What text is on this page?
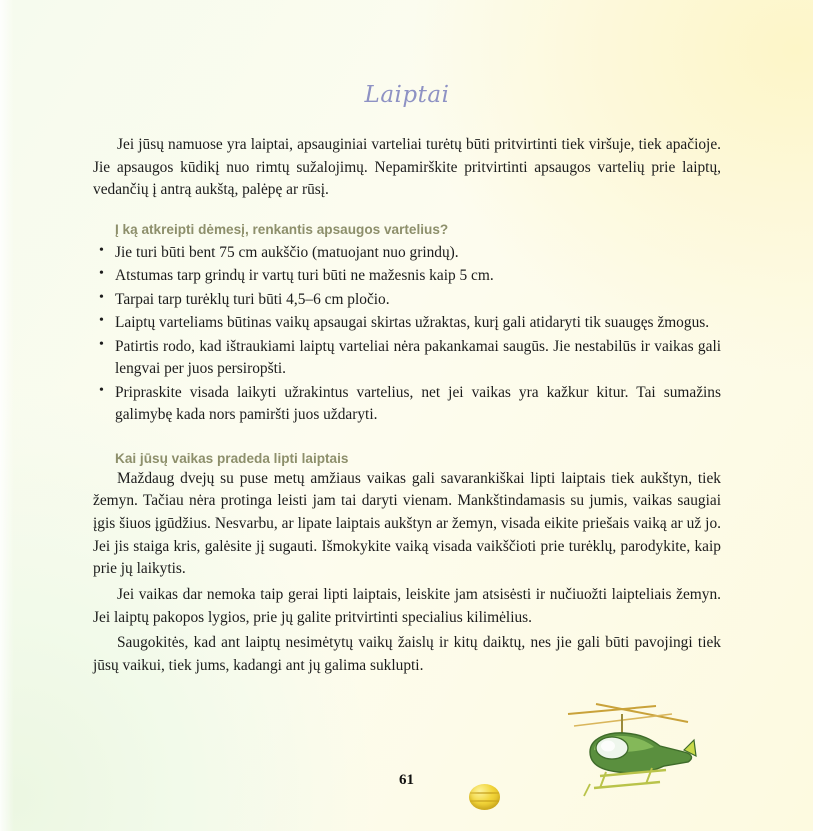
Laiptai

Jei jūsų namuose yra laiptai, apsauginiai varteliai turėtų būti pritvirtinti tiek viršuje, tiek apačioje. Jie apsaugos kūdikį nuo rimtų sužalojimų. Nepamirškite pritvirtinti apsaugos vartelių prie laiptų, vedančių į antrą aukštą, palėpę ar rūsį.

Į ką atkreipti dėmesį, renkantis apsaugos vartelius?
• Jie turi būti bent 75 cm aukščio (matuojant nuo grindų).
• Atstumas tarp grindų ir vartų turi būti ne mažesnis kaip 5 cm.
• Tarpai tarp turėklų turi būti 4,5–6 cm pločio.
• Laiptų varteliams būtinas vaikų apsaugai skirtas užraktas, kurį gali atidaryti tik suaugęs žmogus.
• Patirtis rodo, kad ištraukiami laiptų varteliai nėra pakankamai saugūs. Jie nestabilūs ir vaikas gali lengvai per juos persiropšti.
• Pripraskite visada laikyti užrakintus vartelius, net jei vaikas yra kažkur kitur. Tai sumažins galimybę kada nors pamiršti juos uždaryti.
Kai jūsų vaikas pradeda lipti laiptais

Maždaug dvejų su puse metų amžiaus vaikas gali savarankiškai lipti laiptais tiek aukštyn, tiek žemyn. Tačiau nėra protinga leisti jam tai daryti vienam. Mankštindamasis su jumis, vaikas saugiai įgis šiuos įgūdžius. Nesvarbu, ar lipate laiptais aukštyn ar žemyn, visada eikite priešais vaiką ar už jo. Jei jis staiga kris, galėsite jį sugauti. Išmokykite vaiką visada vaikščioti prie turėklų, parodykite, kaip prie jų laikytis.

Jei vaikas dar nemoka taip gerai lipti laiptais, leiskite jam atsisėsti ir nučiuožti laipteliais žemyn. Jei laiptų pakopos lygios, prie jų galite pritvirtinti specialius kilimėlius.

Saugokitės, kad ant laiptų nesimėtytų vaikų žaislų ir kitų daiktų, nes jie gali būti pavojingi tiek jūsų vaikui, tiek jums, kadangi ant jų galima suklupti.

61
